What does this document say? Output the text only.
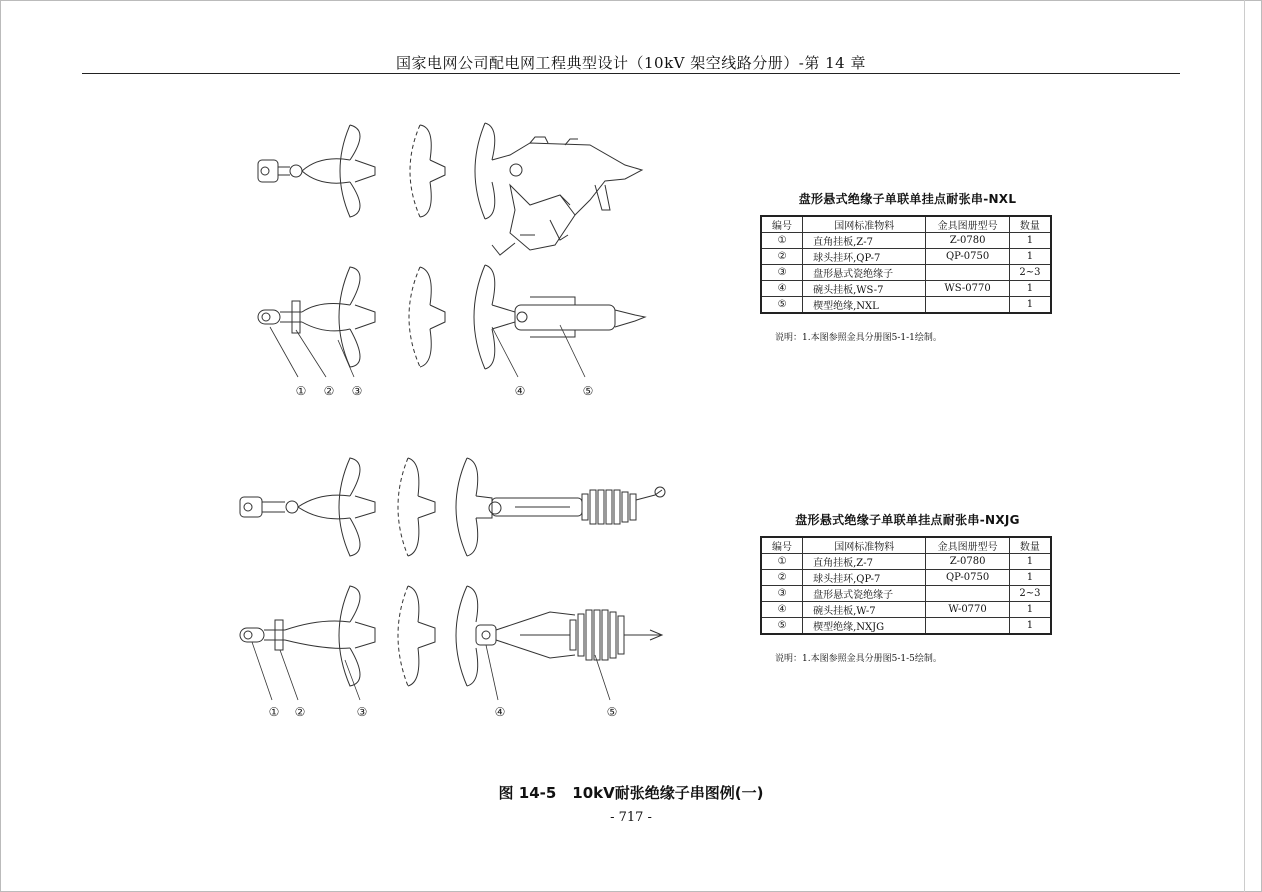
国家电网公司配电网工程典型设计（10kV 架空线路分册）-第 14 章
① ② ③	④	⑤
① ②	③	④	⑤
盘形悬式绝缘子单联单挂点耐张串-NXL
编号	国网标准物料	金具图册型号	数量
①	直角挂板,Z-7	Z-0780	1
②	球头挂环,QP-7	QP-0750	1
③	盘形悬式瓷绝缘子		2~3
④	碗头挂板,WS-7	WS-0770	1
⑤	楔型绝缘,NXL		1
说明：1.本图参照金具分册图5-1-1绘制。
盘形悬式绝缘子单联单挂点耐张串-NXJG
编号	国网标准物料	金具图册型号	数量
①	直角挂板,Z-7	Z-0780	1
②	球头挂环,QP-7	QP-0750	1
③	盘形悬式瓷绝缘子		2~3
④	碗头挂板,W-7	W-0770	1
⑤	楔型绝缘,NXJG		1
说明：1.本图参照金具分册图5-1-5绘制。
图 14-5 10kV耐张绝缘子串图例(一)
- 717 -
